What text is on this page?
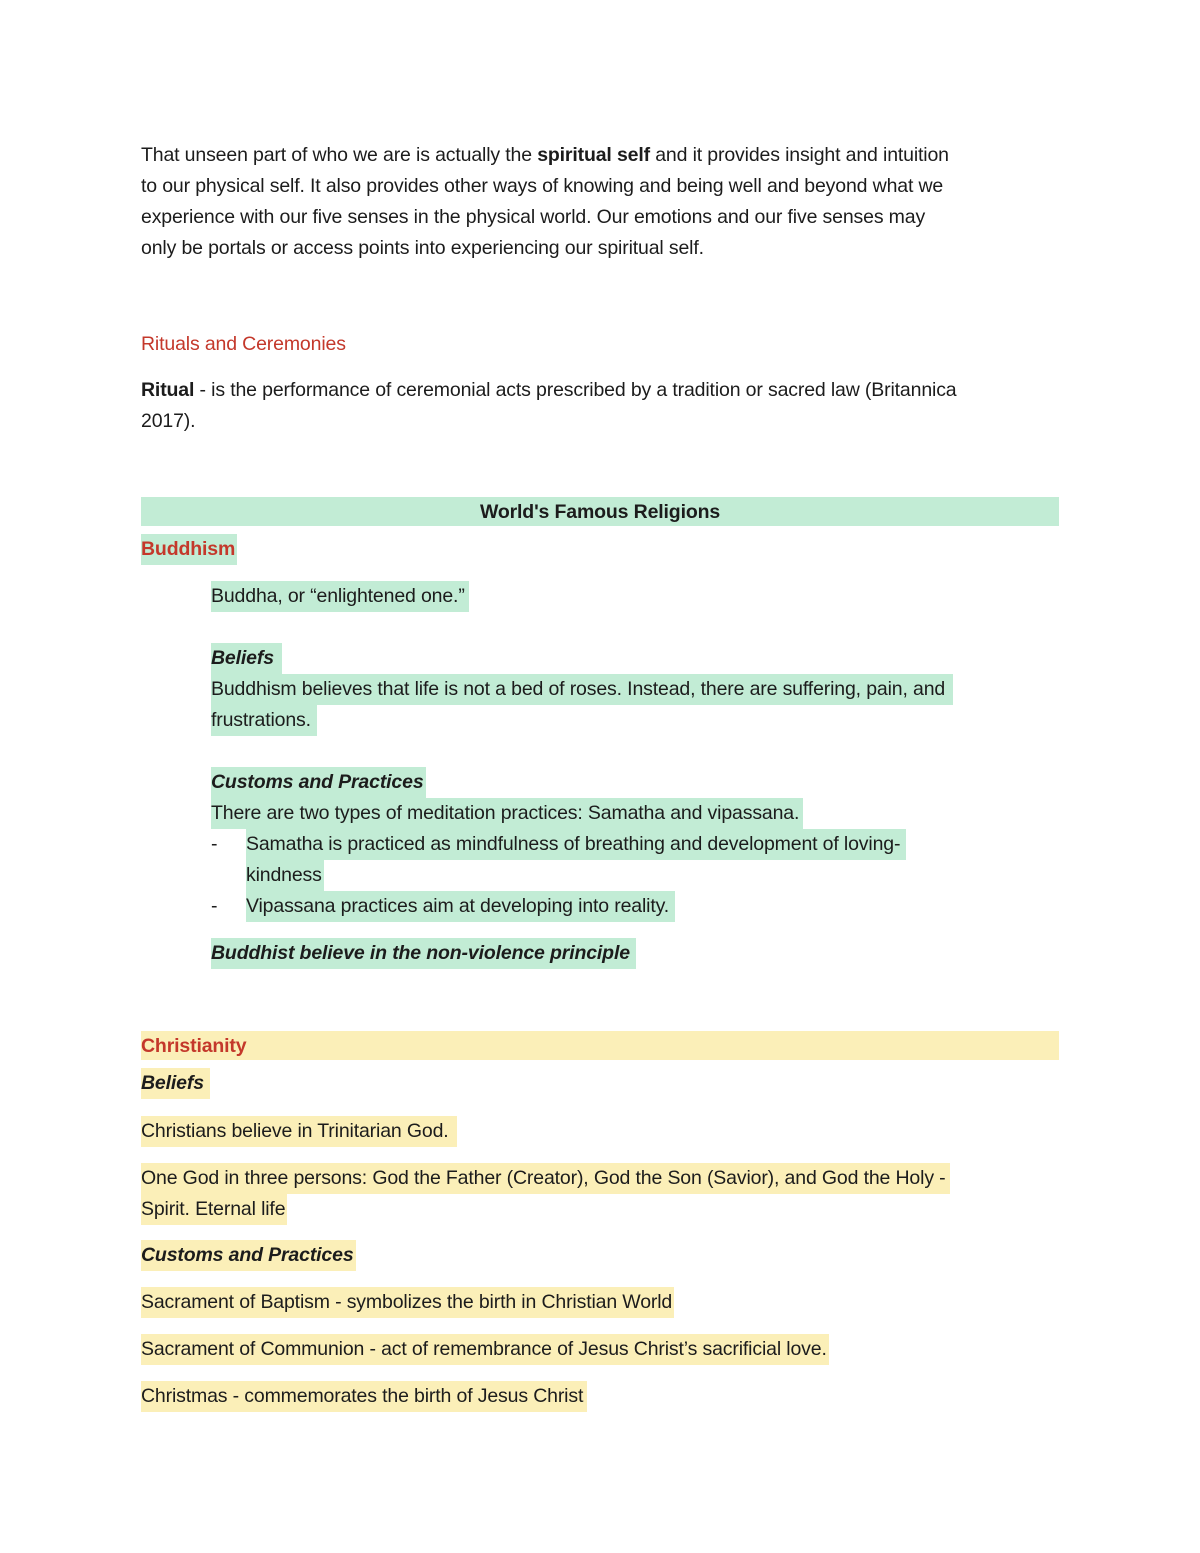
That unseen part of who we are is actually the spiritual self and it provides insight and intuition
to our physical self. It also provides other ways of knowing and being well and beyond what we
experience with our five senses in the physical world. Our emotions and our five senses may
only be portals or access points into experiencing our spiritual self.
Rituals and Ceremonies
Ritual - is the performance of ceremonial acts prescribed by a tradition or sacred law (Britannica
2017).
World's Famous Religions
Buddhism
Buddha, or “enlightened one.”
Beliefs
Buddhism believes that life is not a bed of roses. Instead, there are suffering, pain, and
frustrations.
Customs and Practices
There are two types of meditation practices: Samatha and vipassana.
- Samatha is practiced as mindfulness of breathing and development of loving-
kindness
- Vipassana practices aim at developing into reality.
Buddhist believe in the non-violence principle
Christianity
Beliefs
Christians believe in Trinitarian God.
One God in three persons: God the Father (Creator), God the Son (Savior), and God the Holy -
Spirit. Eternal life
Customs and Practices
Sacrament of Baptism - symbolizes the birth in Christian World
Sacrament of Communion - act of remembrance of Jesus Christ’s sacrificial love.
Christmas - commemorates the birth of Jesus Christ
